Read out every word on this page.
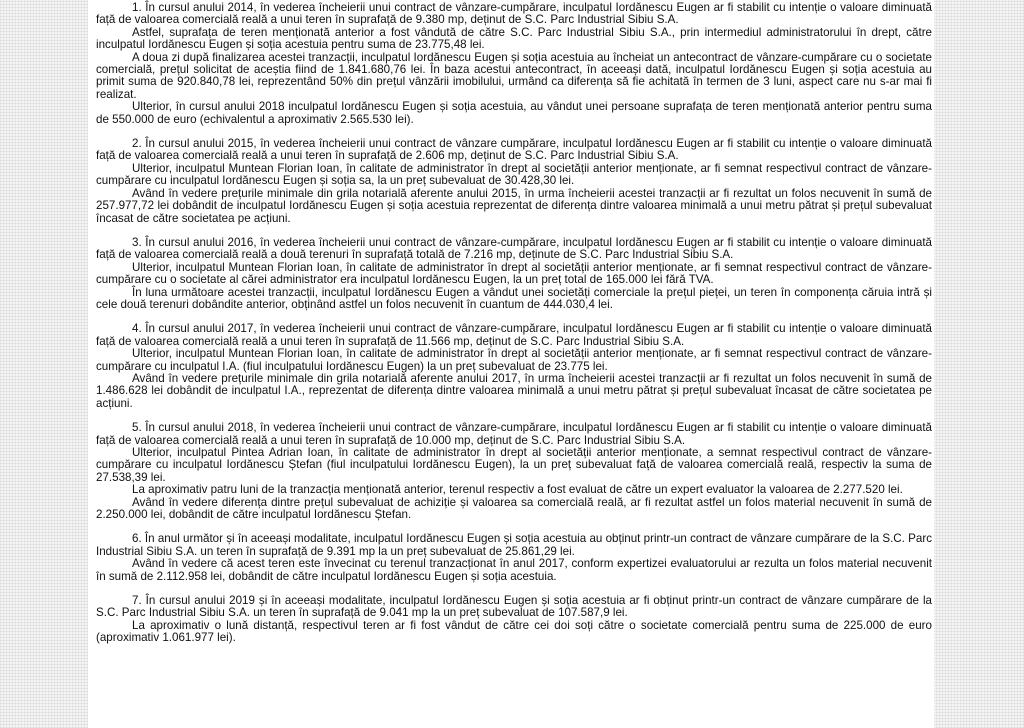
1. În cursul anului 2014, în vederea încheierii unui contract de vânzare-cumpărare, inculpatul Iordănescu Eugen ar fi stabilit cu intenție o valoare diminuată față de valoarea comercială reală a unui teren în suprafață de 9.380 mp, deținut de S.C. Parc Industrial Sibiu S.A.

Astfel, suprafața de teren menționată anterior a fost vândută de către S.C. Parc Industrial Sibiu S.A., prin intermediul administratorului în drept, către inculpatul Iordănescu Eugen și soția acestuia pentru suma de 23.775,48 lei.

A doua zi după finalizarea acestei tranzacții, inculpatul Iordănescu Eugen și soția acestuia au încheiat un antecontract de vânzare-cumpărare cu o societate comercială, prețul solicitat de aceștia fiind de 1.841.680,76 lei. În baza acestui antecontract, în aceeași dată, inculpatul Iordănescu Eugen și soția acestuia au primit suma de 920.840,78 lei, reprezentând 50% din prețul vânzării imobilului, urmând ca diferența să fie achitată în termen de 3 luni, aspect care nu s-ar mai fi realizat.

Ulterior, în cursul anului 2018 inculpatul Iordănescu Eugen și soția acestuia, au vândut unei persoane suprafața de teren menționată anterior pentru suma de 550.000 de euro (echivalentul a aproximativ 2.565.530 lei).

2. În cursul anului 2015, în vederea încheierii unui contract de vânzare cumpărare, inculpatul Iordănescu Eugen ar fi stabilit cu intenție o valoare diminuată față de valoarea comercială reală a unui teren în suprafață de 2.606 mp, deținut de S.C. Parc Industrial Sibiu S.A.

Ulterior, inculpatul Muntean Florian Ioan, în calitate de administrator în drept al societății anterior menționate, ar fi semnat respectivul contract de vânzare-cumpărare cu inculpatul Iordănescu Eugen și soția sa, la un preț subevaluat de 30.428,30 lei.

Având în vedere prețurile minimale din grila notarială aferente anului 2015, în urma încheierii acestei tranzacții ar fi rezultat un folos necuvenit în sumă de 257.977,72 lei dobândit de inculpatul Iordănescu Eugen și soția acestuia reprezentat de diferența dintre valoarea minimală a unui metru pătrat și prețul subevaluat încasat de către societatea pe acțiuni.

3. În cursul anului 2016, în vederea încheierii unui contract de vânzare-cumpărare, inculpatul Iordănescu Eugen ar fi stabilit cu intenție o valoare diminuată față de valoarea comercială reală a două terenuri în suprafață totală de 7.216 mp, deținute de S.C. Parc Industrial Sibiu S.A.

Ulterior, inculpatul Muntean Florian Ioan, în calitate de administrator în drept al societății anterior menționate, ar fi semnat respectivul contract de vânzare-cumpărare cu o societate al cărei administrator era inculpatul Iordănescu Eugen, la un preț total de 165.000 lei fără TVA.

În luna următoare acestei tranzacții, inculpatul Iordănescu Eugen a vândut unei societăți comerciale la prețul pieței, un teren în componența căruia intră și cele două terenuri dobândite anterior, obținând astfel un folos necuvenit în cuantum de 444.030,4 lei.

4. În cursul anului 2017, în vederea încheierii unui contract de vânzare-cumpărare, inculpatul Iordănescu Eugen ar fi stabilit cu intenție o valoare diminuată față de valoarea comercială reală a unui teren în suprafață de 11.566 mp, deținut de S.C. Parc Industrial Sibiu S.A.

Ulterior, inculpatul Muntean Florian Ioan, în calitate de administrator în drept al societății anterior menționate, ar fi semnat respectivul contract de vânzare-cumpărare cu inculpatul I.A. (fiul inculpatului Iordănescu Eugen) la un preț subevaluat de 23.775 lei.

Având în vedere prețurile minimale din grila notarială aferente anului 2017, în urma încheierii acestei tranzacții ar fi rezultat un folos necuvenit în sumă de 1.486.628 lei dobândit de inculpatul I.A., reprezentat de diferența dintre valoarea minimală a unui metru pătrat și prețul subevaluat încasat de către societatea pe acțiuni.

5. În cursul anului 2018, în vederea încheierii unui contract de vânzare-cumpărare, inculpatul Iordănescu Eugen ar fi stabilit cu intenție o valoare diminuată față de valoarea comercială reală a unui teren în suprafață de 10.000 mp, deținut de S.C. Parc Industrial Sibiu S.A.

Ulterior, inculpatul Pintea Adrian Ioan, în calitate de administrator în drept al societății anterior menționate, a semnat respectivul contract de vânzare-cumpărare cu inculpatul Iordănescu Ștefan (fiul inculpatului Iordănescu Eugen), la un preț subevaluat față de valoarea comercială reală, respectiv la suma de 27.538,39 lei.

La aproximativ patru luni de la tranzacția menționată anterior, terenul respectiv a fost evaluat de către un expert evaluator la valoarea de 2.277.520 lei.

Având în vedere diferența dintre prețul subevaluat de achiziție și valoarea sa comercială reală, ar fi rezultat astfel un folos material necuvenit în sumă de 2.250.000 lei, dobândit de către inculpatul Iordănescu Ștefan.

6. În anul următor și în aceeași modalitate, inculpatul Iordănescu Eugen și soția acestuia au obținut printr-un contract de vânzare cumpărare de la S.C. Parc Industrial Sibiu S.A. un teren în suprafață de 9.391 mp la un preț subevaluat de 25.861,29 lei.

Având în vedere că acest teren este învecinat cu terenul tranzacționat în anul 2017, conform expertizei evaluatorului ar rezulta un folos material necuvenit în sumă de 2.112.958 lei, dobândit de către inculpatul Iordănescu Eugen și soția acestuia.

7. În cursul anului 2019 și în aceeași modalitate, inculpatul Iordănescu Eugen și soția acestuia ar fi obținut printr-un contract de vânzare cumpărare de la S.C. Parc Industrial Sibiu S.A. un teren în suprafață de 9.041 mp la un preț subevaluat de 107.587,9 lei.

La aproximativ o lună distanță, respectivul teren ar fi fost vândut de către cei doi soți către o societate comercială pentru suma de 225.000 de euro (aproximativ 1.061.977 lei).
